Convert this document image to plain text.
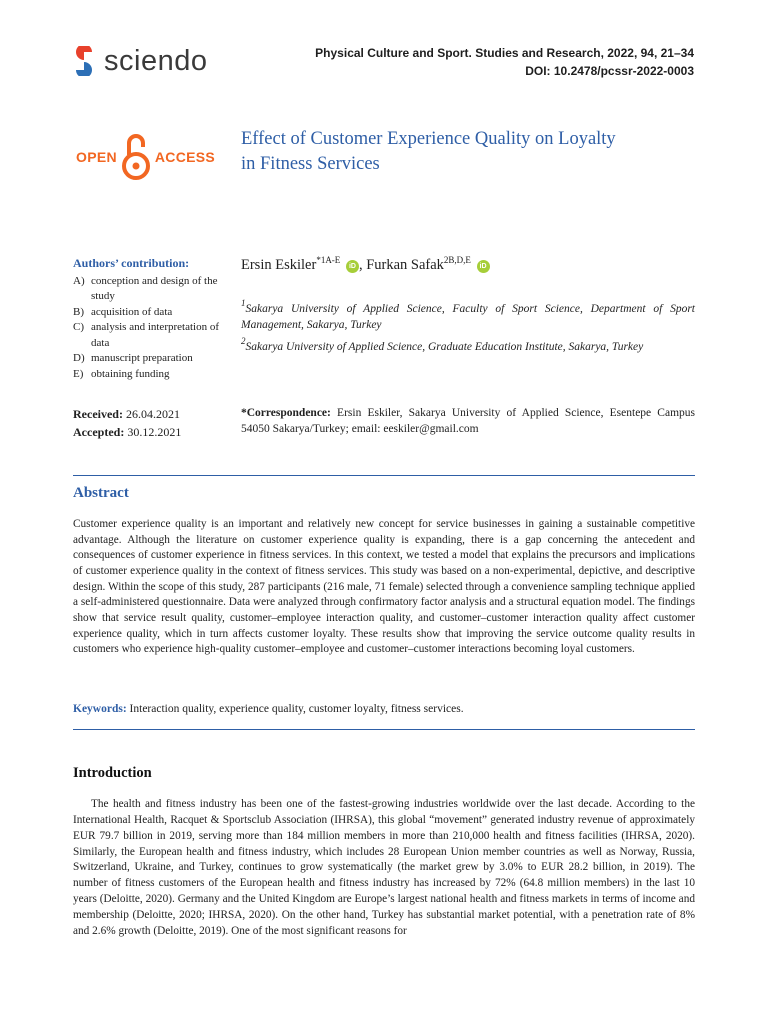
sciendo	Physical Culture and Sport. Studies and Research, 2022, 94, 21–34
DOI: 10.2478/pcssr-2022-0003
OPEN	ACCESS
Effect of Customer Experience Quality on Loyalty
in Fitness Services
Authors’ contribution:
A) conception and design of the study
B) acquisition of data
C) analysis and interpretation of data
D) manuscript preparation
E) obtaining funding
Received: 26.04.2021
Accepted: 30.12.2021
Ersin Eskiler$^{*1A-E}$ iD , Furkan Safak$^{2B,D,E}$ iD
$^1$Sakarya University of Applied Science, Faculty of Sport Science, Department of Sport Management, Sakarya, Turkey
$^2$Sakarya University of Applied Science, Graduate Education Institute, Sakarya, Turkey
*Correspondence: Ersin Eskiler, Sakarya University of Applied Science, Esentepe Campus 54050 Sakarya/Turkey; email: eeskiler@gmail.com
Abstract
Customer experience quality is an important and relatively new concept for service businesses in gaining a sustainable competitive advantage. Although the literature on customer experience quality is expanding, there is a gap concerning the antecedent and consequences of customer experience in fitness services. In this context, we tested a model that explains the precursors and implications of customer experience quality in the context of fitness services. This study was based on a non-experimental, depictive, and descriptive design. Within the scope of this study, 287 participants (216 male, 71 female) selected through a convenience sampling technique applied a self-administered questionnaire. Data were analyzed through confirmatory factor analysis and a structural equation model. The findings show that service result quality, customer–employee interaction quality, and customer–customer interaction quality affect customer experience quality, which in turn affects customer loyalty. These results show that improving the service outcome quality results in customers who experience high-quality customer–employee and customer–customer interactions becoming loyal customers.
Keywords: Interaction quality, experience quality, customer loyalty, fitness services.
Introduction
The health and fitness industry has been one of the fastest-growing industries worldwide over the last decade. According to the International Health, Racquet & Sportsclub Association (IHRSA), this global “movement” generated industry revenue of approximately EUR 79.7 billion in 2019, serving more than 184 million members in more than 210,000 health and fitness facilities (IHRSA, 2020). Similarly, the European health and fitness industry, which includes 28 European Union member countries as well as Norway, Russia, Switzerland, Ukraine, and Turkey, continues to grow systematically (the market grew by 3.0% to EUR 28.2 billion, in 2019). The number of fitness customers of the European health and fitness industry has increased by 72% (64.8 million members) in the last 10 years (Deloitte, 2020). Germany and the United Kingdom are Europe’s largest national health and fitness markets in terms of income and membership (Deloitte, 2020; IHRSA, 2020). On the other hand, Turkey has substantial market potential, with a penetration rate of 8% and 2.6% growth (Deloitte, 2019). One of the most significant reasons for
